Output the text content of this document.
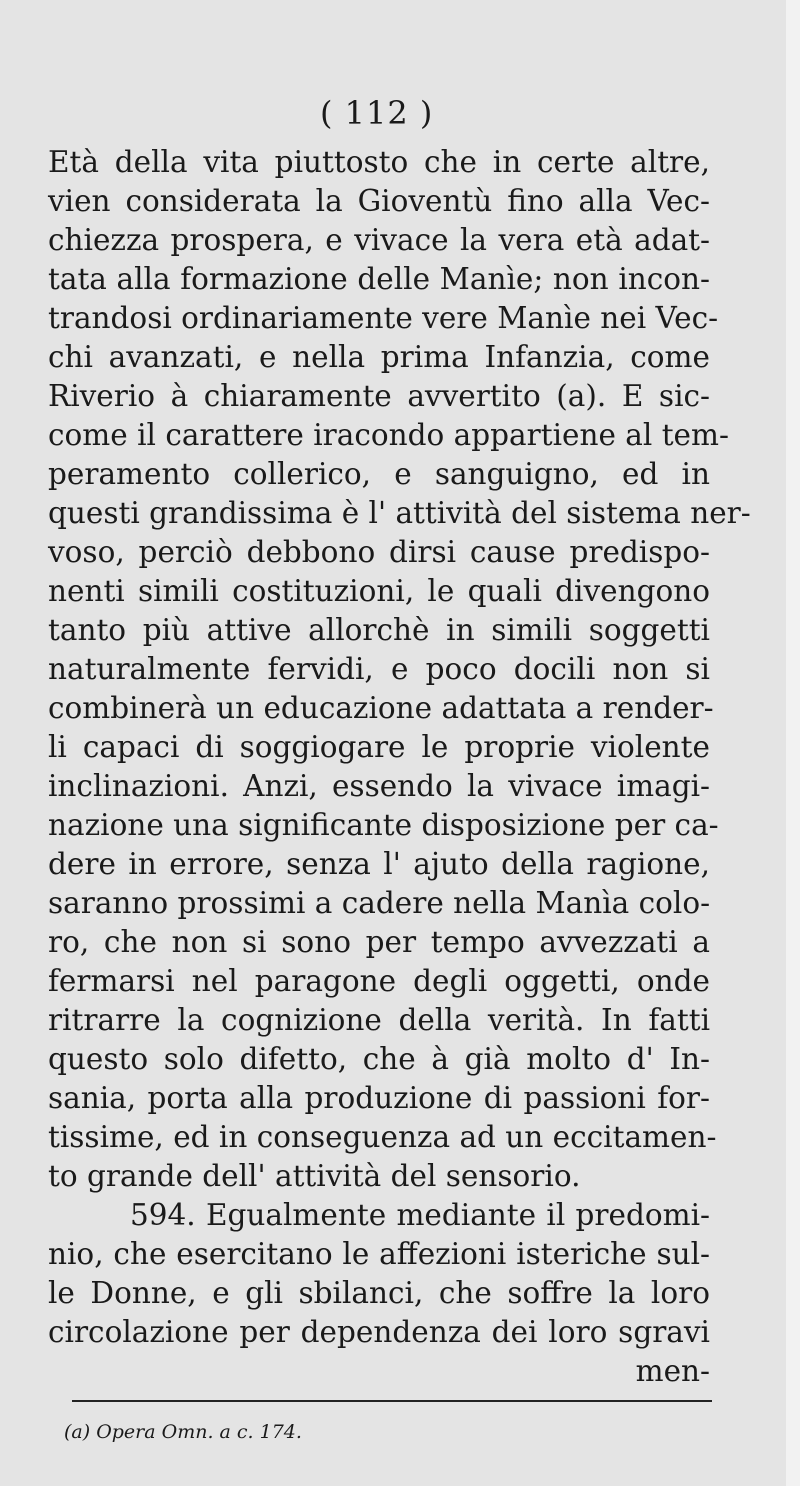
( 112 )
Età della vita piuttosto che in certe altre,
vien considerata la Gioventù fino alla Vec-
chiezza prospera, e vivace la vera età adat-
tata alla formazione delle Manìe; non incon-
trandosi ordinariamente vere Manìe nei Vec-
chi avanzati, e nella prima Infanzia, come
Riverio à chiaramente avvertito (a). E sic-
come il carattere iracondo appartiene al tem-
peramento collerico, e sanguigno, ed in
questi grandissima è l' attività del sistema ner-
voso, perciò debbono dirsi cause predispo-
nenti simili costituzioni, le quali divengono
tanto più attive allorchè in simili soggetti
naturalmente fervidi, e poco docili non si
combinerà un educazione adattata a render-
li capaci di soggiogare le proprie violente
inclinazioni. Anzi, essendo la vivace imagi-
nazione una significante disposizione per ca-
dere in errore, senza l' ajuto della ragione,
saranno prossimi a cadere nella Manìa colo-
ro, che non si sono per tempo avvezzati a
fermarsi nel paragone degli oggetti, onde
ritrarre la cognizione della verità. In fatti
questo solo difetto, che à già molto d' In-
sania, porta alla produzione di passioni for-
tissime, ed in conseguenza ad un eccitamen-
to grande dell' attività del sensorio.
594. Egualmente mediante il predomi-
nio, che esercitano le affezioni isteriche sul-
le Donne, e gli sbilanci, che soffre la loro
circolazione per dependenza dei loro sgravi
men-
(a) Opera Omn. a c. 174.
